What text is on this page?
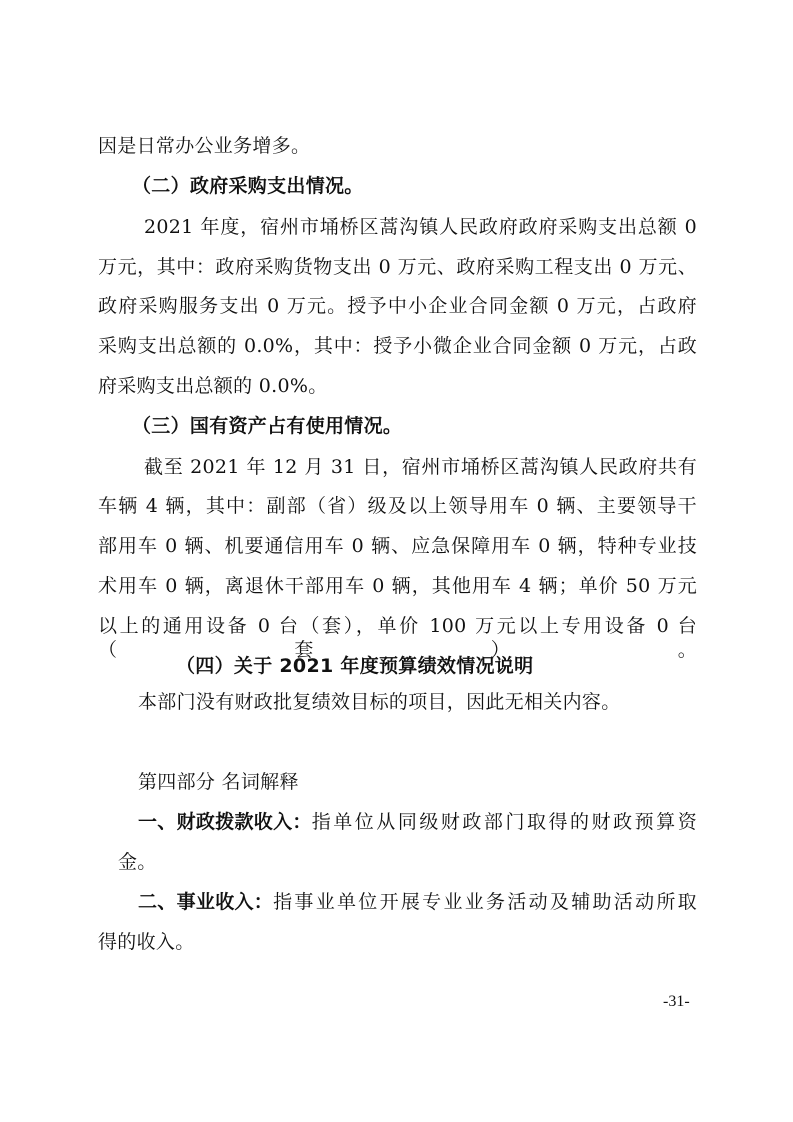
因是日常办公业务增多。
（二）政府采购支出情况。
2021 年度，宿州市埇桥区蒿沟镇人民政府政府采购支出总额 0
万元，其中：政府采购货物支出 0 万元、政府采购工程支出 0 万元、
政府采购服务支出 0 万元。授予中小企业合同金额 0 万元，占政府
采购支出总额的 0.0%，其中：授予小微企业合同金额 0 万元，占政
府采购支出总额的 0.0%。
（三）国有资产占有使用情况。
截至 2021 年 12 月 31 日，宿州市埇桥区蒿沟镇人民政府共有
车辆 4 辆，其中：副部（省）级及以上领导用车 0 辆、主要领导干
部用车 0 辆、机要通信用车 0 辆、应急保障用车 0 辆，特种专业技
术用车 0 辆，离退休干部用车 0 辆，其他用车 4 辆；单价 50 万元
以上的通用设备 0 台（套），单价 100 万元以上专用设备 0 台（套）。
（四）关于 2021 年度预算绩效情况说明
本部门没有财政批复绩效目标的项目，因此无相关内容。
第四部分 名词解释
一、财政拨款收入： 指单位从同级财政部门取得的财政预算资
金。
二、事业收入： 指事业单位开展专业业务活动及辅助活动所取
得的收入。
-31-
